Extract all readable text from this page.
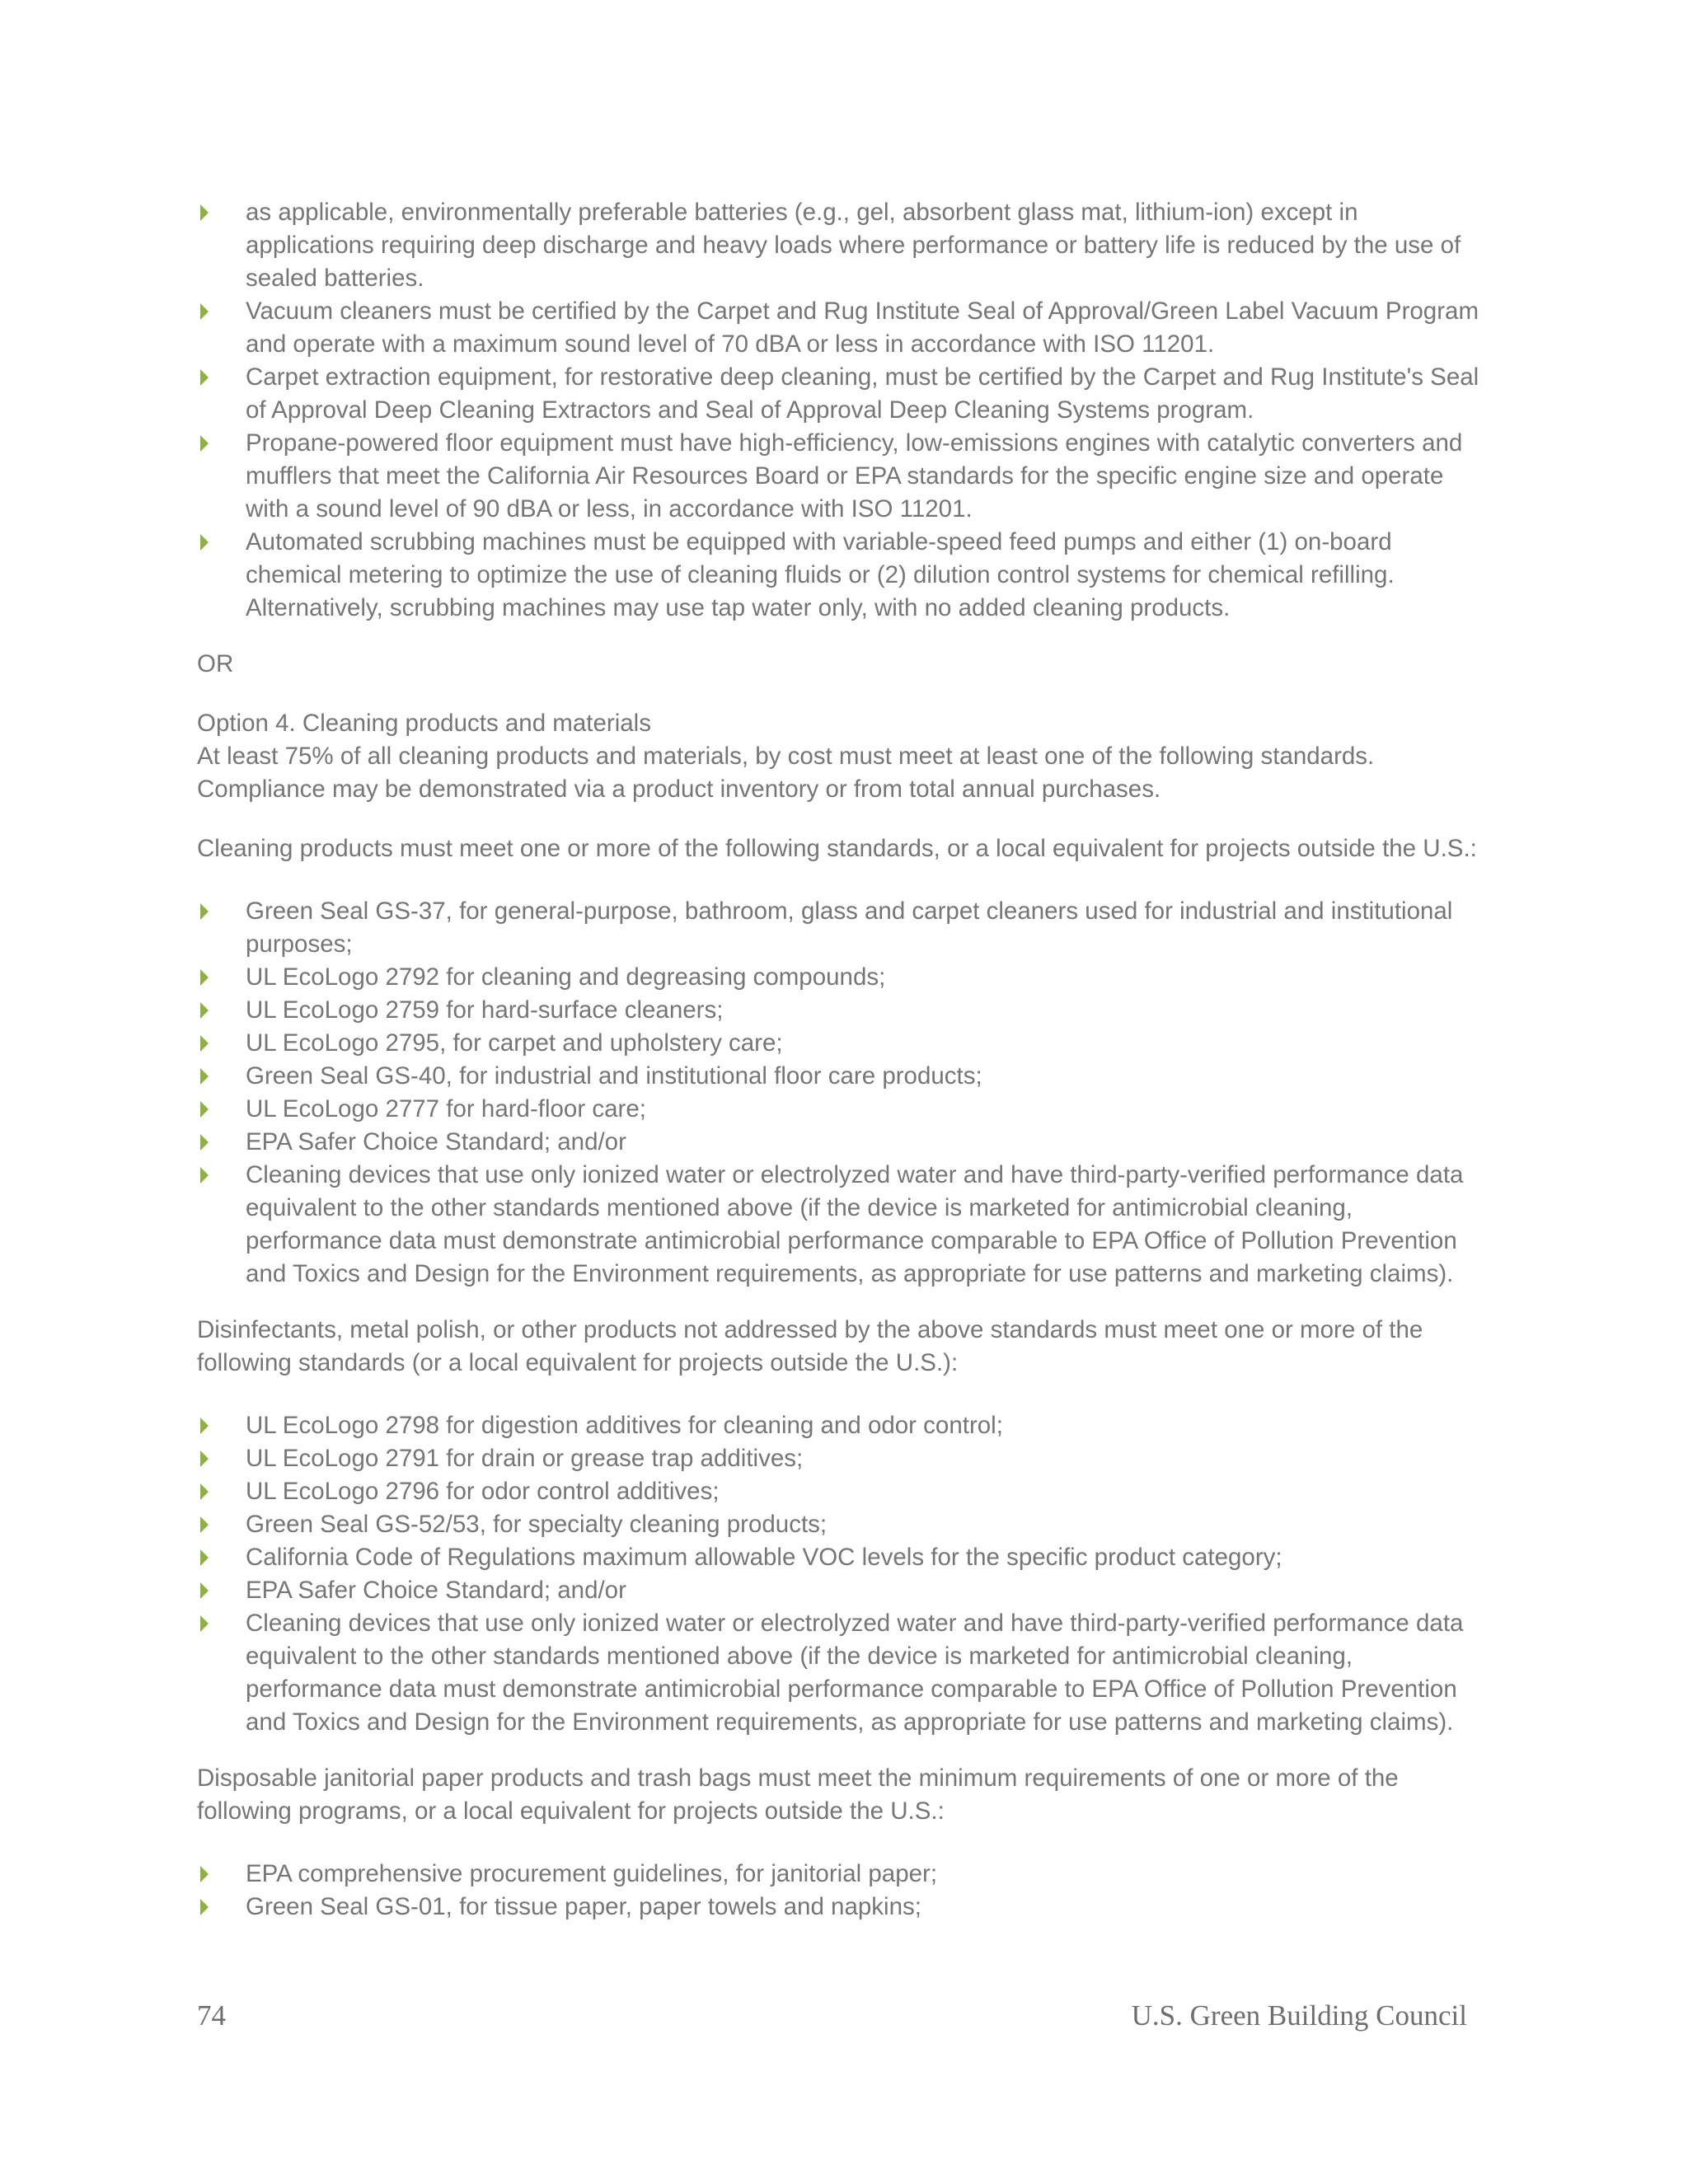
as applicable, environmentally preferable batteries (e.g., gel, absorbent glass mat, lithium-ion) except in applications requiring deep discharge and heavy loads where performance or battery life is reduced by the use of sealed batteries.
Vacuum cleaners must be certified by the Carpet and Rug Institute Seal of Approval/Green Label Vacuum Program and operate with a maximum sound level of 70 dBA or less in accordance with ISO 11201.
Carpet extraction equipment, for restorative deep cleaning, must be certified by the Carpet and Rug Institute's Seal of Approval Deep Cleaning Extractors and Seal of Approval Deep Cleaning Systems program.
Propane-powered floor equipment must have high-efficiency, low-emissions engines with catalytic converters and mufflers that meet the California Air Resources Board or EPA standards for the specific engine size and operate with a sound level of 90 dBA or less, in accordance with ISO 11201.
Automated scrubbing machines must be equipped with variable-speed feed pumps and either (1) on-board chemical metering to optimize the use of cleaning fluids or (2) dilution control systems for chemical refilling. Alternatively, scrubbing machines may use tap water only, with no added cleaning products.

OR

Option 4. Cleaning products and materials

At least 75% of all cleaning products and materials, by cost must meet at least one of the following standards. Compliance may be demonstrated via a product inventory or from total annual purchases.

Cleaning products must meet one or more of the following standards, or a local equivalent for projects outside the U.S.:

Green Seal GS-37, for general-purpose, bathroom, glass and carpet cleaners used for industrial and institutional purposes;
UL EcoLogo 2792 for cleaning and degreasing compounds;
UL EcoLogo 2759 for hard-surface cleaners;
UL EcoLogo 2795, for carpet and upholstery care;
Green Seal GS-40, for industrial and institutional floor care products;
UL EcoLogo 2777 for hard-floor care;
EPA Safer Choice Standard; and/or
Cleaning devices that use only ionized water or electrolyzed water and have third-party-verified performance data equivalent to the other standards mentioned above (if the device is marketed for antimicrobial cleaning, performance data must demonstrate antimicrobial performance comparable to EPA Office of Pollution Prevention and Toxics and Design for the Environment requirements, as appropriate for use patterns and marketing claims).

Disinfectants, metal polish, or other products not addressed by the above standards must meet one or more of the following standards (or a local equivalent for projects outside the U.S.):

UL EcoLogo 2798 for digestion additives for cleaning and odor control;
UL EcoLogo 2791 for drain or grease trap additives;
UL EcoLogo 2796 for odor control additives;
Green Seal GS-52/53, for specialty cleaning products;
California Code of Regulations maximum allowable VOC levels for the specific product category;
EPA Safer Choice Standard; and/or
Cleaning devices that use only ionized water or electrolyzed water and have third-party-verified performance data equivalent to the other standards mentioned above (if the device is marketed for antimicrobial cleaning, performance data must demonstrate antimicrobial performance comparable to EPA Office of Pollution Prevention and Toxics and Design for the Environment requirements, as appropriate for use patterns and marketing claims).

Disposable janitorial paper products and trash bags must meet the minimum requirements of one or more of the following programs, or a local equivalent for projects outside the U.S.:

EPA comprehensive procurement guidelines, for janitorial paper;
Green Seal GS-01, for tissue paper, paper towels and napkins;
74	U.S. Green Building Council
